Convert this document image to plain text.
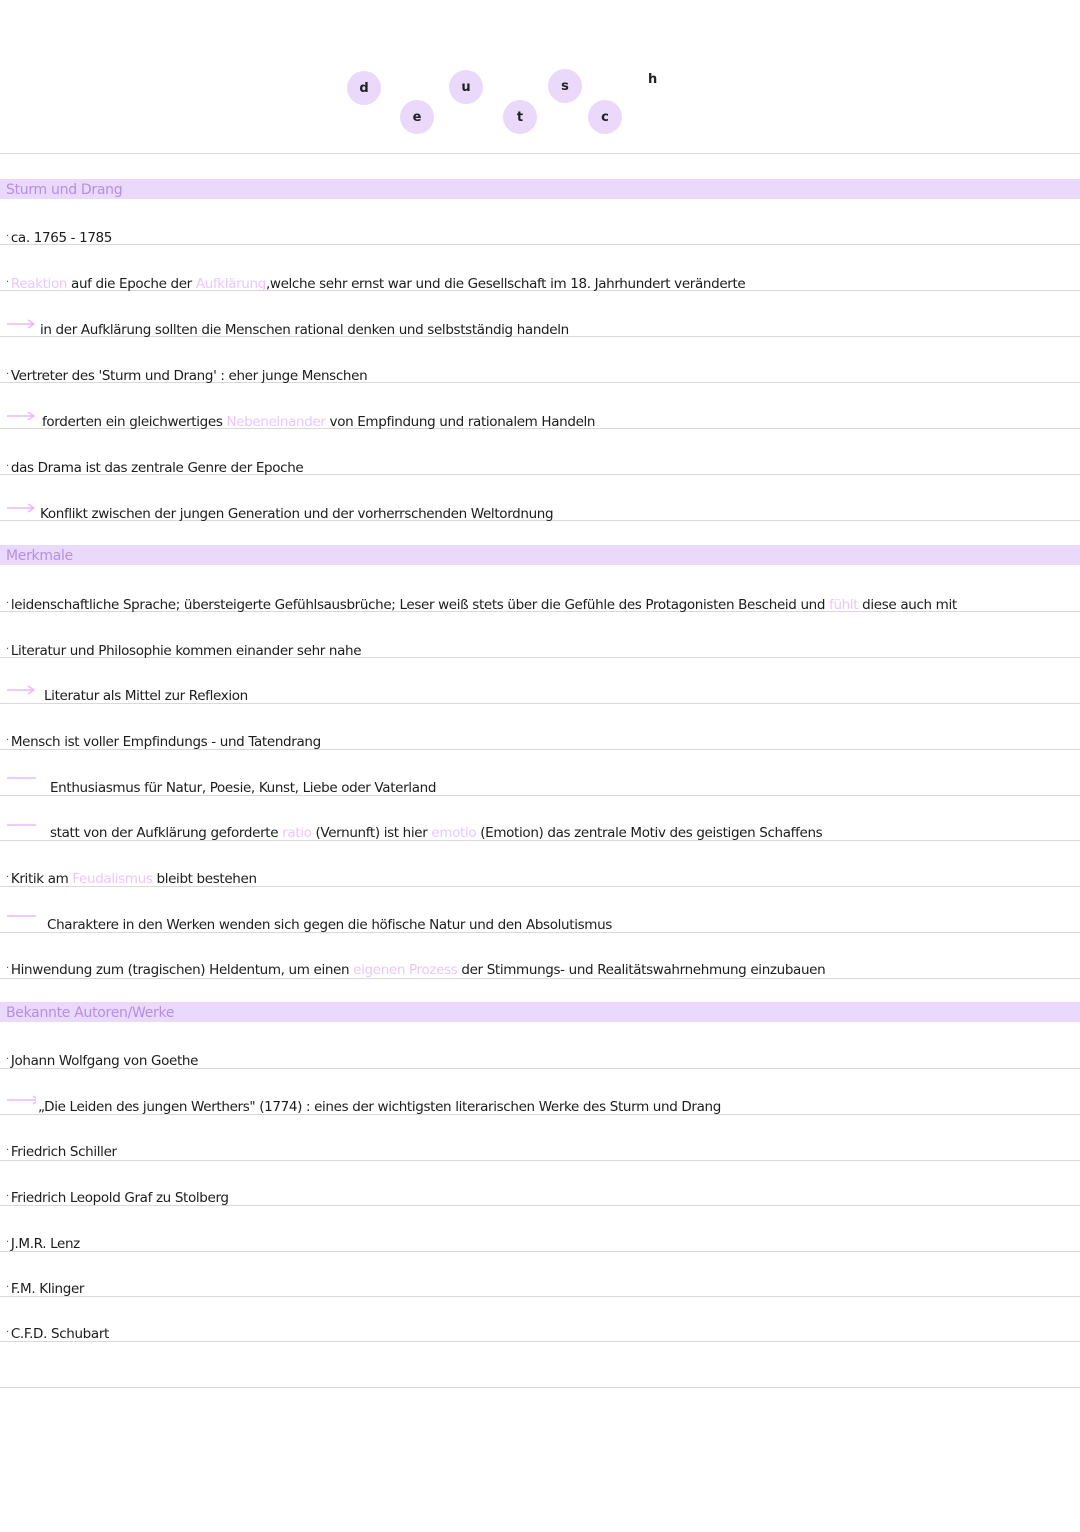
d
e
u
t
s
c
h
Sturm und Drang
· ca. 1765 - 1785
· Reaktion auf die Epoche der Aufklärung,welche sehr ernst war und die Gesellschaft im 18. Jahrhundert veränderte
in der Aufklärung sollten die Menschen rational denken und selbstständig handeln
· Vertreter des 'Sturm und Drang' : eher junge Menschen
forderten ein gleichwertiges Nebeneinander von Empfindung und rationalem Handeln
· das Drama ist das zentrale Genre der Epoche
Konflikt zwischen der jungen Generation und der vorherrschenden Weltordnung
Merkmale
· leidenschaftliche Sprache; übersteigerte Gefühlsausbrüche; Leser weiß stets über die Gefühle des Protagonisten Bescheid und fühlt diese auch mit
· Literatur und Philosophie kommen einander sehr nahe
Literatur als Mittel zur Reflexion
· Mensch ist voller Empfindungs - und Tatendrang
Enthusiasmus für Natur, Poesie, Kunst, Liebe oder Vaterland
statt von der Aufklärung geforderte ratio (Vernunft) ist hier emotio (Emotion) das zentrale Motiv des geistigen Schaffens
· Kritik am Feudalismus bleibt bestehen
Charaktere in den Werken wenden sich gegen die höfische Natur und den Absolutismus
· Hinwendung zum (tragischen) Heldentum, um einen eigenen Prozess der Stimmungs- und Realitätswahrnehmung einzubauen
Bekannte Autoren/Werke
· Johann Wolfgang von Goethe
„Die Leiden des jungen Werthers" (1774) : eines der wichtigsten literarischen Werke des Sturm und Drang
· Friedrich Schiller
· Friedrich Leopold Graf zu Stolberg
· J.M.R. Lenz
· F.M. Klinger
· C.F.D. Schubart
